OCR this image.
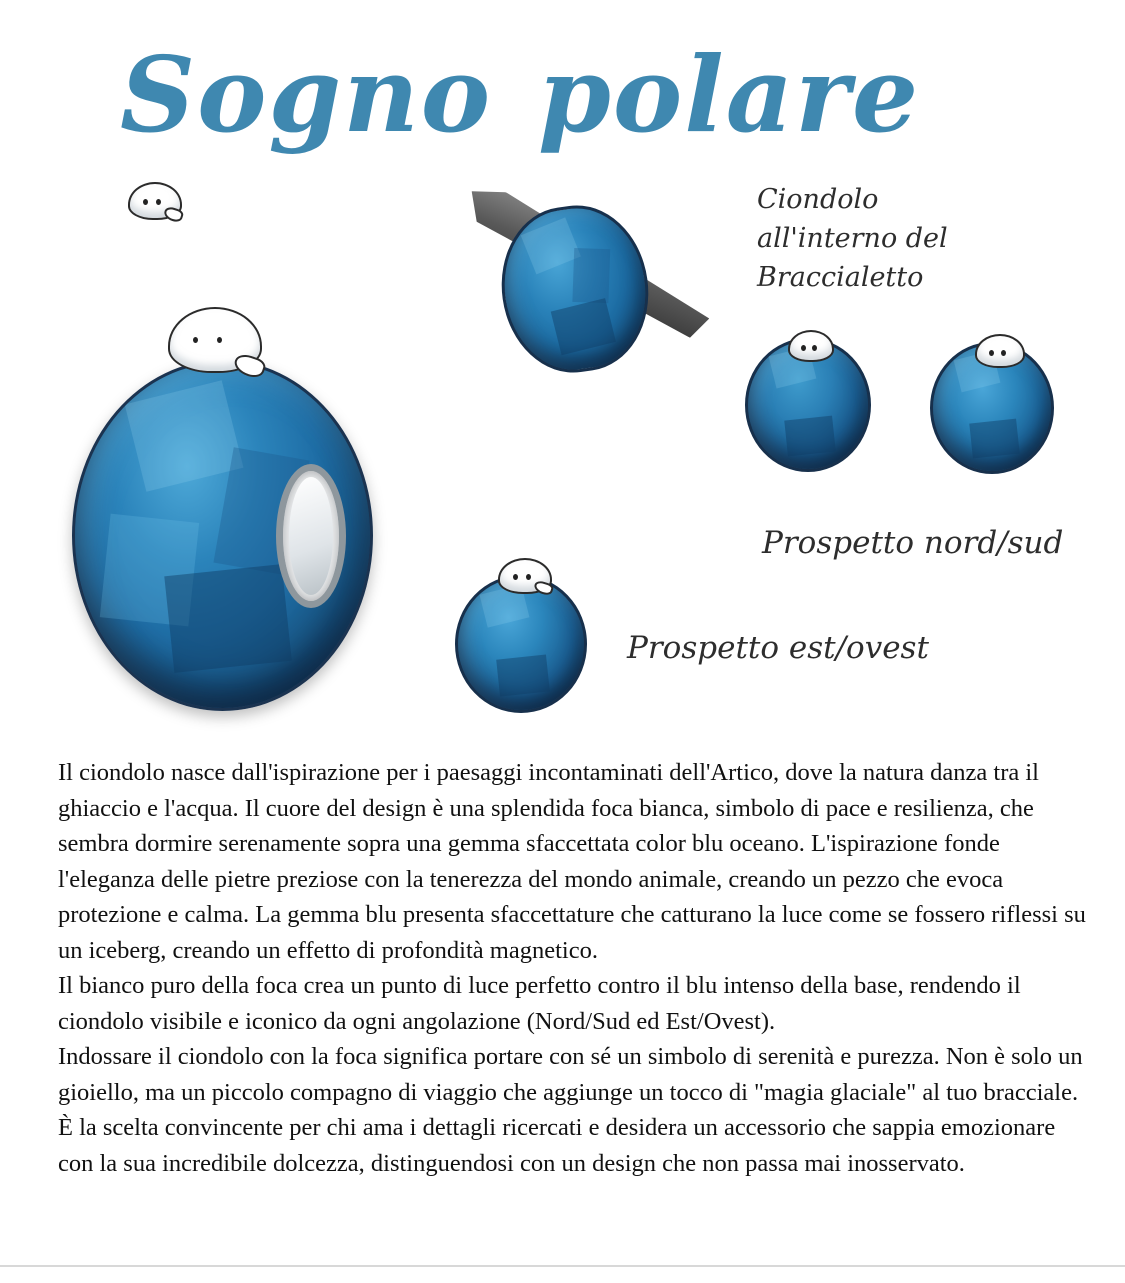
Sogno polare
Ciondolo all'interno del Braccialetto
Prospetto nord/sud
Prospetto est/ovest

Il ciondolo nasce dall'ispirazione per i paesaggi incontaminati dell'Artico, dove la natura danza tra il ghiaccio e l'acqua. Il cuore del design è una splendida foca bianca, simbolo di pace e resilienza, che sembra dormire serenamente sopra una gemma sfaccettata color blu oceano. L'ispirazione fonde l'eleganza delle pietre preziose con la tenerezza del mondo animale, creando un pezzo che evoca protezione e calma. La gemma blu presenta sfaccettature che catturano la luce come se fossero riflessi su un iceberg, creando un effetto di profondità magnetico.

Il bianco puro della foca crea un punto di luce perfetto contro il blu intenso della base, rendendo il ciondolo visibile e iconico da ogni angolazione (Nord/Sud ed Est/Ovest).

Indossare il ciondolo con la foca significa portare con sé un simbolo di serenità e purezza. Non è solo un gioiello, ma un piccolo compagno di viaggio che aggiunge un tocco di "magia glaciale" al tuo bracciale. È la scelta convincente per chi ama i dettagli ricercati e desidera un accessorio che sappia emozionare con la sua incredibile dolcezza, distinguendosi con un design che non passa mai inosservato.
